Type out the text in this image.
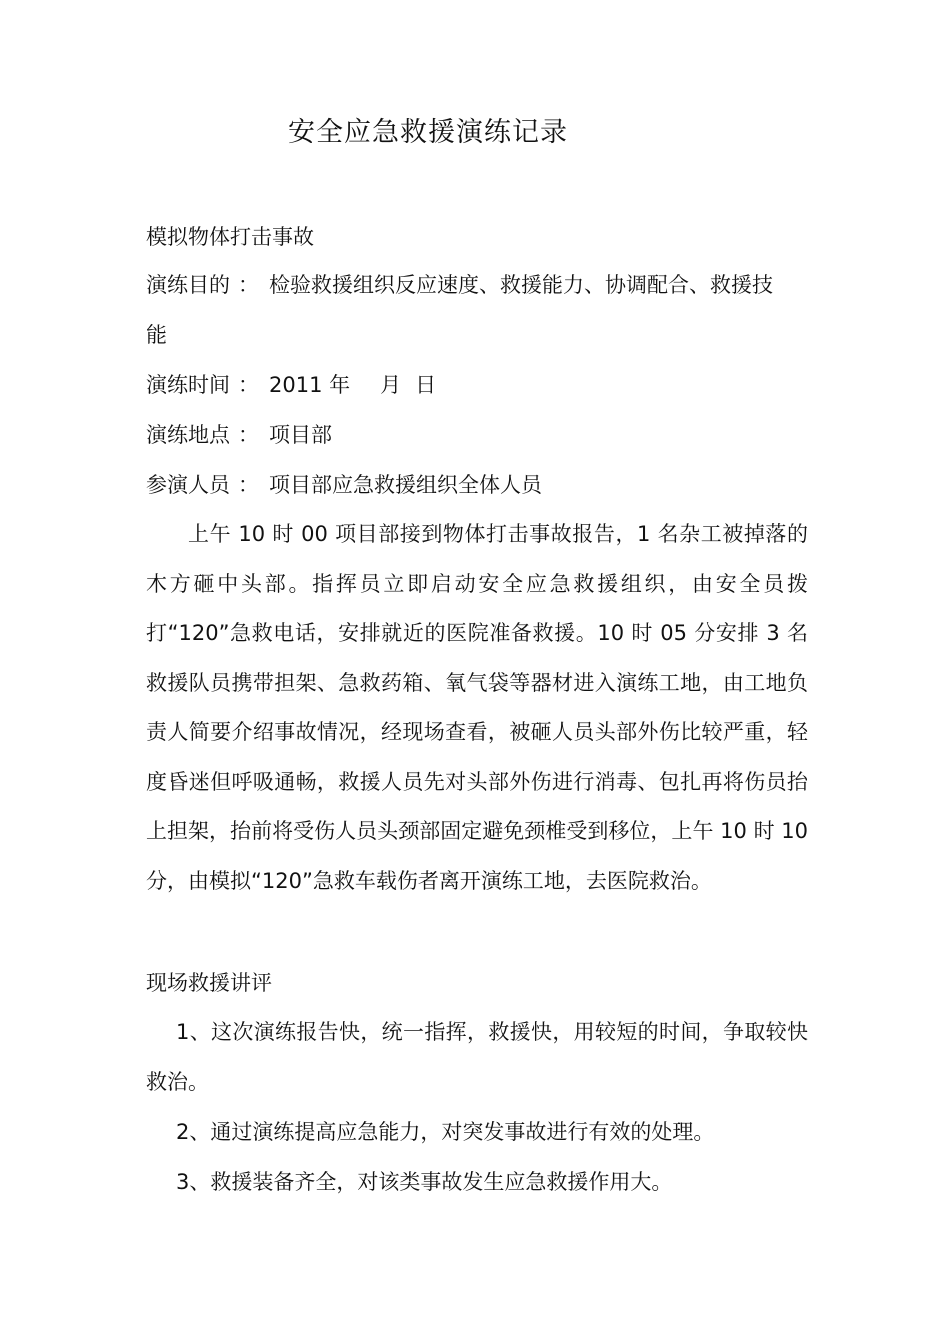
安全应急救援演练记录
模拟物体打击事故
演练目的 ： 检验救援组织反应速度、救援能力、协调配合、救援技
能
演练时间 ： 2011 年 月 日
演练地点 ： 项目部
参演人员 ： 项目部应急救援组织全体人员
上午 10 时 00 项目部接到物体打击事故报告，1 名杂工被掉落的木方砸中头部。指挥员立即启动安全应急救援组织，由安全员拨打“120”急救电话，安排就近的医院准备救援。10 时 05 分安排 3 名救援队员携带担架、急救药箱、氧气袋等器材进入演练工地，由工地负责人简要介绍事故情况，经现场查看，被砸人员头部外伤比较严重，轻度昏迷但呼吸通畅，救援人员先对头部外伤进行消毒、包扎再将伤员抬上担架，抬前将受伤人员头颈部固定避免颈椎受到移位，上午 10 时 10 分，由模拟“120”急救车载伤者离开演练工地，去医院救治。
现场救援讲评
1、这次演练报告快，统一指挥，救援快，用较短的时间，争取较快救治。
2、通过演练提高应急能力，对突发事故进行有效的处理。
3、救援装备齐全，对该类事故发生应急救援作用大。
